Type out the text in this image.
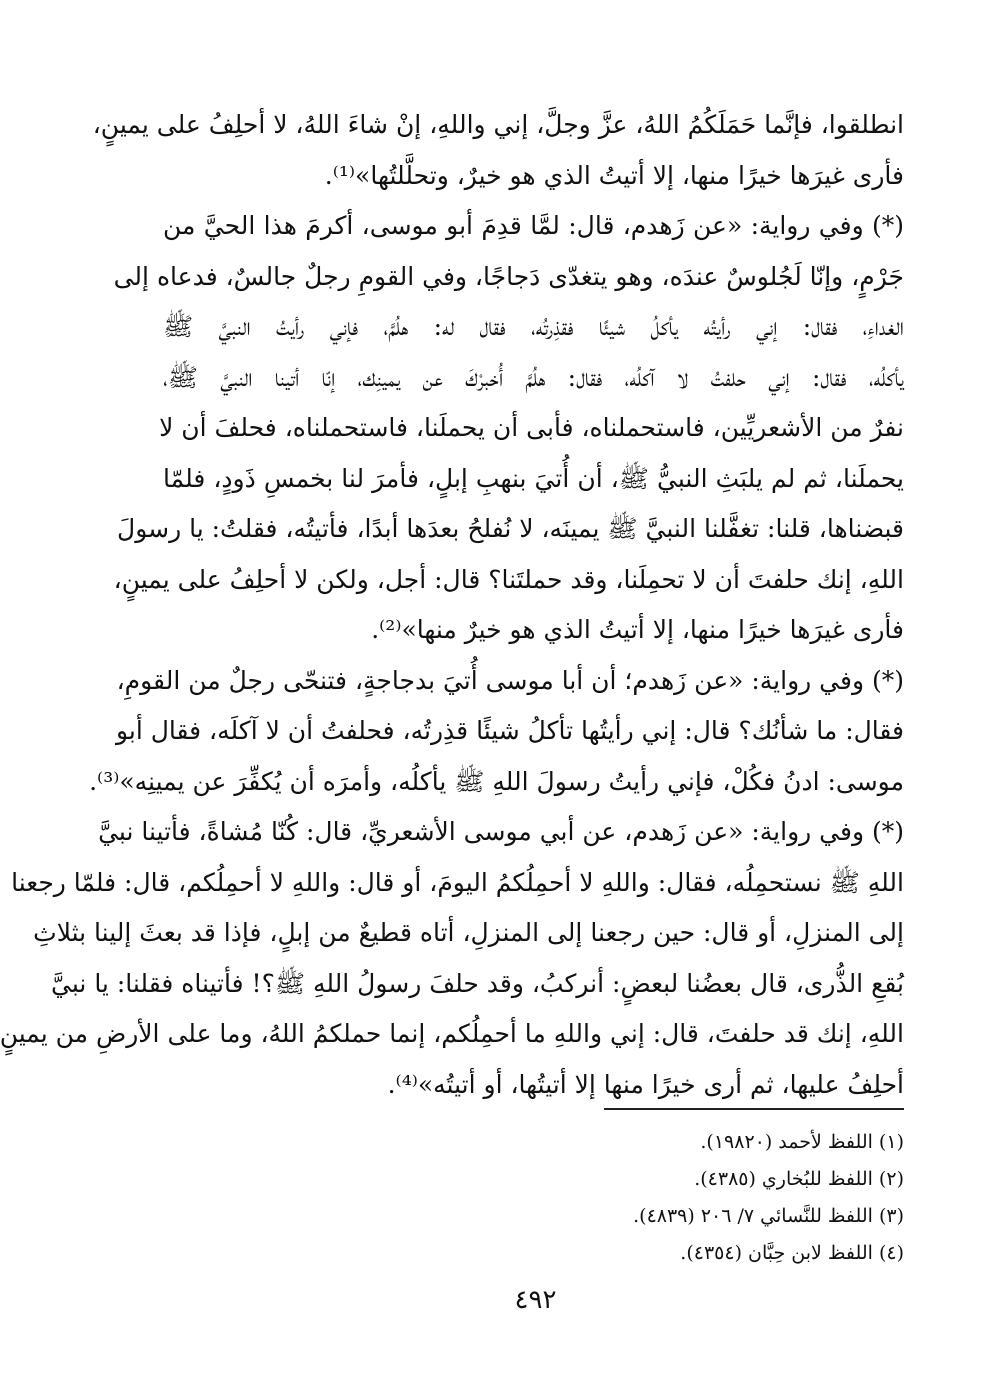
انطلقوا، فإنَّما حَمَلَكُمُ اللهُ، عزَّ وجلَّ، إني واللهِ، إنْ شاءَ اللهُ، لا أحلِفُ على يمينٍ،
فأرى غيرَها خيرًا منها، إلا أتيتُ الذي هو خيرٌ، وتحلَّلتُها»⁽¹⁾.
(*) وفي رواية: «عن زَهدم، قال: لمَّا قدِمَ أبو موسى، أكرمَ هذا الحيَّ من
جَرْمٍ، وإنّا لَجُلوسٌ عندَه، وهو يتغدّى دَجاجًا، وفي القومِ رجلٌ جالسٌ، فدعاه إلى
الغداءِ، فقال: إني رأيتُه يأكلُ شيئًا فقذِرتُه، فقال له: هلُمَّ، فإني رأيتُ النبيَّ ﷺ
يأكلُه، فقال: إني حلفتُ لا آكلُه، فقال: هلُمَّ أُخبرْكَ عن يمينِك، إنّا أتينا النبيَّ ﷺ،
نفرٌ من الأشعريِّين، فاستحملناه، فأبى أن يحملَنا، فاستحملناه، فحلفَ أن لا
يحملَنا، ثم لم يلبَثِ النبيُّ ﷺ، أن أُتيَ بنهبِ إبلٍ، فأمرَ لنا بخمسِ ذَودٍ، فلمّا
قبضناها، قلنا: تغفَّلنا النبيَّ ﷺ يمينَه، لا نُفلحُ بعدَها أبدًا، فأتيتُه، فقلتُ: يا رسولَ
اللهِ، إنك حلفتَ أن لا تحمِلَنا، وقد حملتَنا؟ قال: أجل، ولكن لا أحلِفُ على يمينٍ،
فأرى غيرَها خيرًا منها، إلا أتيتُ الذي هو خيرٌ منها»⁽²⁾.
(*) وفي رواية: «عن زَهدم؛ أن أبا موسى أُتيَ بدجاجةٍ، فتنحّى رجلٌ من القومِ،
فقال: ما شأنُك؟ قال: إني رأيتُها تأكلُ شيئًا قذِرتُه، فحلفتُ أن لا آكلَه، فقال أبو
موسى: ادنُ فكُلْ، فإني رأيتُ رسولَ اللهِ ﷺ يأكلُه، وأمرَه أن يُكفِّرَ عن يمينِه»⁽³⁾.
(*) وفي رواية: «عن زَهدم، عن أبي موسى الأشعريِّ، قال: كُنّا مُشاةً، فأتينا نبيَّ
اللهِ ﷺ نستحمِلُه، فقال: واللهِ لا أحمِلُكمُ اليومَ، أو قال: واللهِ لا أحمِلُكم، قال: فلمّا رجعنا
إلى المنزلِ، أو قال: حين رجعنا إلى المنزلِ، أتاه قطيعٌ من إبلٍ، فإذا قد بعثَ إلينا بثلاثِ
بُقعِ الذُّرى، قال بعضُنا لبعضٍ: أنركبُ، وقد حلفَ رسولُ اللهِ ﷺ؟! فأتيناه فقلنا: يا نبيَّ
اللهِ، إنك قد حلفتَ، قال: إني واللهِ ما أحمِلُكم، إنما حملكمُ اللهُ، وما على الأرضِ من يمينٍ
أحلِفُ عليها، ثم أرى خيرًا منها إلا أتيتُها، أو أتيتُه»⁽⁴⁾.
(١) اللفظ لأحمد (١٩٨٢٠).
(٢) اللفظ للبُخاري (٤٣٨٥).
(٣) اللفظ للنَّسائي ٧/ ٢٠٦ (٤٨٣٩).
(٤) اللفظ لابن حِبَّان (٤٣٥٤).
٤٩٢
